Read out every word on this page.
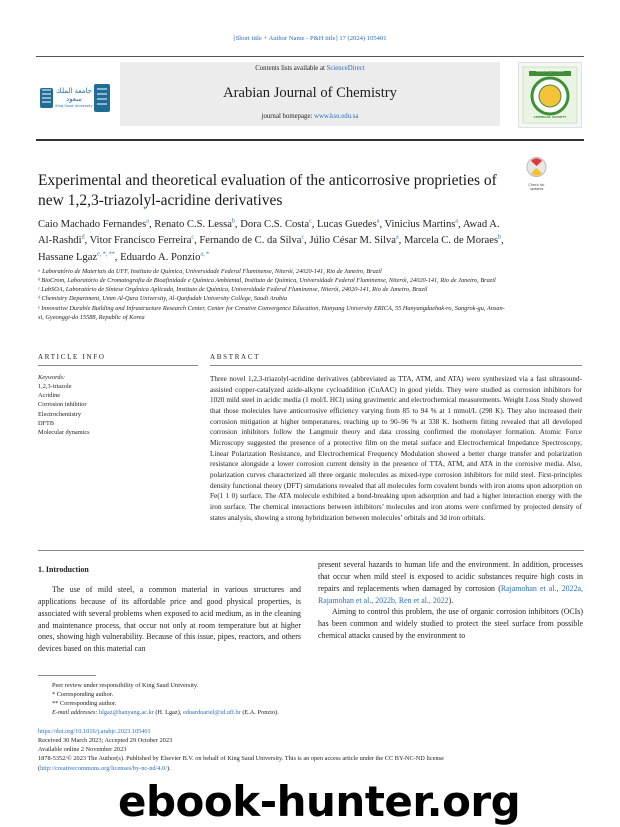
[Short title + Author Name - P&H title] 17 (2024) 105401
جامعة الملك سعود
King Saud University
Contents lists available at ScienceDirect
Arabian Journal of Chemistry
journal homepage: www.ksu.edu.sa
ARABIAN JOURNAL
CHEMICAL SOCIETY
Experimental and theoretical evaluation of the anticorrosive proprieties of new 1,2,3-triazolyl-acridine derivatives
Check for
updates
Caio Machado Fernandes$^a$, Renato C.S. Lessa$^b$, Dora C.S. Costa$^c$, Lucas Guedes$^a$, Vinicius Martins$^a$, Awad A. Al-Rashdi$^d$, Vitor Francisco Ferreira$^c$, Fernando de C. da Silva$^c$, Júlio César M. Silva$^a$, Marcela C. de Moraes$^b$, Hassane Lgaz$^{e, *, **}$, Eduardo A. Ponzio$^{a, *}$
ᵃ Laboratório de Materiais da UFF, Instituto de Química, Universidade Federal Fluminense, Niterói, 24020-141, Rio de Janeiro, Brazil
ᵇ BioCrom, Laboratório de Cromatografia de Bioafinidade e Química Ambiental, Instituto de Química, Universidade Federal Fluminense, Niterói, 24020-141, Rio de Janeiro, Brazil
ᶜ LabSOA, Laboratório de Síntese Orgânica Aplicada, Instituto de Química, Universidade Federal Fluminense, Niterói, 24020-141, Rio de Janeiro, Brazil
ᵈ Chemistry Department, Umm Al-Qura University, Al-Qunfudah University College, Saudi Arabia
ᵉ Innovative Durable Building and Infrastructure Research Center, Center for Creative Convergence Education, Hanyang University ERICA, 55 Hanyangdaehak-ro, Sangrok-gu, Ansan-si, Gyeonggi-do 15588, Republic of Korea
ARTICLE INFO
Keywords:
1,2,3-triazole
Acridine
Corrosion inhibitor
Electrochemistry
DFTB
Molecular dynamics
ABSTRACT
Three novel 1,2,3-triazolyl-acridine derivatives (abbreviated as TTA, ATM, and ATA) were synthesized via a fast ultrasound-assisted copper-catalyzed azide-alkyne cycloaddition (CuAAC) in good yields. They were studied as corrosion inhibitors for 1020 mild steel in acidic media (1 mol/L HCl) using gravimetric and electrochemical measurements. Weight Loss Study showed that those molecules have anticorrosive efficiency varying from 85 to 94 % at 1 mmol/L (298 K). They also increased their corrosion mitigation at higher temperatures, reaching up to 90–96 % at 338 K. Isotherm fitting revealed that all developed corrosion inhibitors follow the Langmuir theory and data crossing confirmed the monolayer formation. Atomic Force Microscopy suggested the presence of a protective film on the metal surface and Electrochemical Impedance Spectroscopy, Linear Polarization Resistance, and Electrochemical Frequency Modulation showed a better charge transfer and polarization resistance alongside a lower corrosion current density in the presence of TTA, ATM, and ATA in the corrosive media. Also, polarization curves characterized all three organic molecules as mixed-type corrosion inhibitors for mild steel. First-principles density functional theory (DFT) simulations revealed that all molecules form covalent bonds with iron atoms upon adsorption on Fe(1 1 0) surface. The ATA molecule exhibited a bond-breaking upon adsorption and had a higher interaction energy with the iron surface. The chemical interactions between inhibitors’ molecules and iron atoms were confirmed by projected density of states analysis, showing a strong hybridization between molecules’ orbitals and 3d iron orbitals.
1. Introduction
The use of mild steel, a common material in various structures and applications because of its affordable price and good physical properties, is associated with several problems when exposed to acid medium, as in the cleaning and maintenance process, that occur not only at room temperature but at higher ones, showing high vulnerability. Because of this issue, pipes, reactors, and others devices based on this material can

present several hazards to human life and the environment. In addition, processes that occur when mild steel is exposed to acidic substances require high costs in repairs and replacements when damaged by corrosion (Rajamohan et al., 2022a, Rajamohan et al., 2022b, Ren et al., 2022).

Aiming to control this problem, the use of organic corrosion inhibitors (OCIs) has been common and widely studied to protect the steel surface from possible chemical attacks caused by the environment to

Peer review under responsibility of King Saud University.
* Corresponding author.
** Corresponding author.
E-mail addresses: hlgaz@hanyang.ac.kr (H. Lgaz), eduardoariel@id.uff.br (E.A. Ponzio).
https://doi.org/10.1016/j.arabjc.2023.105401
Received 30 March 2023; Accepted 29 October 2023
Available online 2 November 2023
1878-5352/© 2023 The Author(s). Published by Elsevier B.V. on behalf of King Saud University. This is an open access article under the CC BY-NC-ND license
(http://creativecommons.org/licenses/by-nc-nd/4.0/).
ebook-hunter.org
